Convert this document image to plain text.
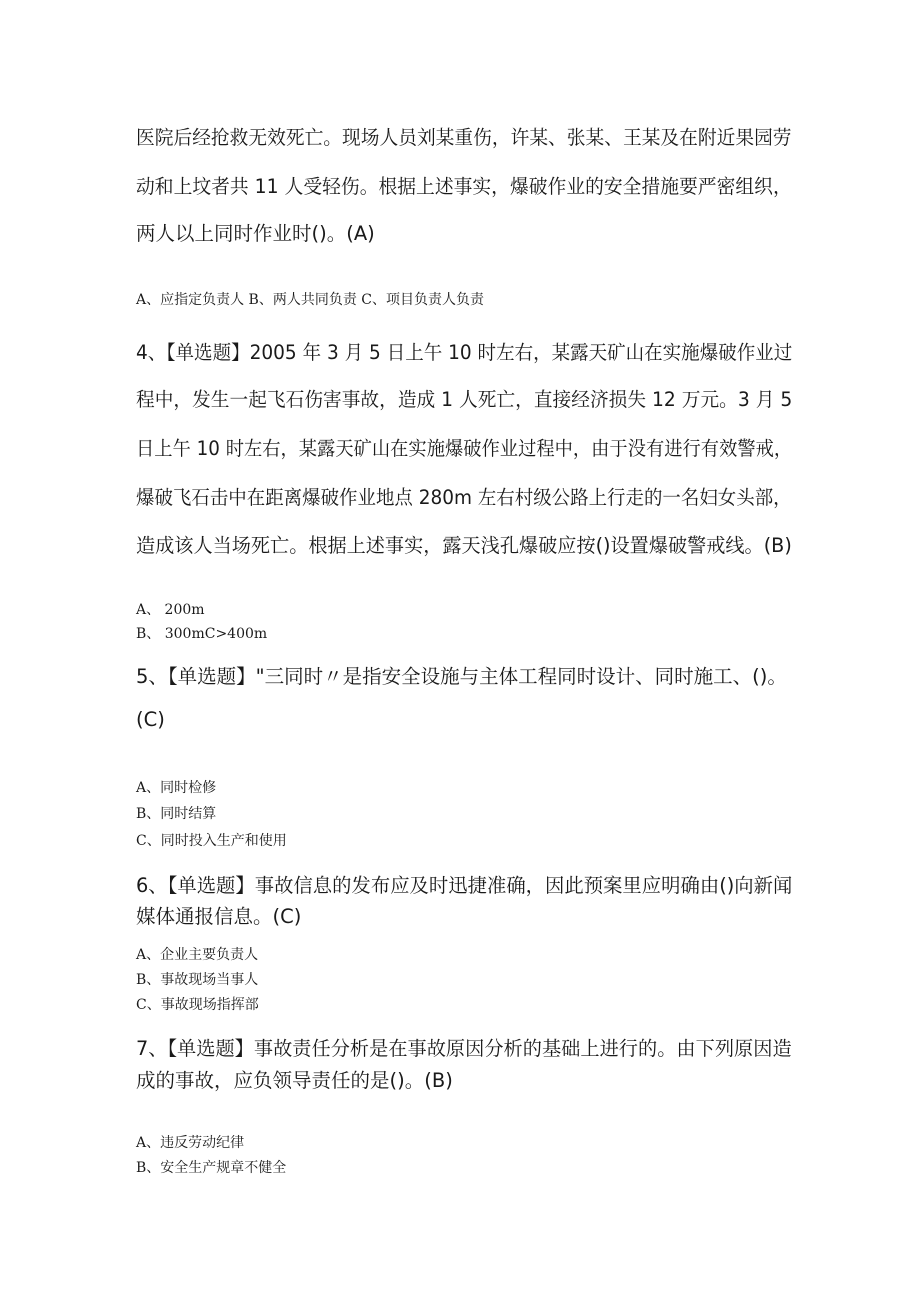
医院后经抢救无效死亡。现场人员刘某重伤，许某、张某、王某及在附近果园劳
动和上坟者共 11 人受轻伤。根据上述事实，爆破作业的安全措施要严密组织，
两人以上同时作业时()。(A)
A、应指定负责人 B、两人共同负责 C、项目负责人负责
4、【单选题】2005 年 3 月 5 日上午 10 时左右，某露天矿山在实施爆破作业过
程中，发生一起飞石伤害事故，造成 1 人死亡，直接经济损失 12 万元。3 月 5
日上午 10 时左右，某露天矿山在实施爆破作业过程中，由于没有进行有效警戒，
爆破飞石击中在距离爆破作业地点 280m 左右村级公路上行走的一名妇女头部，
造成该人当场死亡。根据上述事实，露天浅孔爆破应按()设置爆破警戒线。(B)
A、 200m
B、 300mC>400m
5、【单选题】"三同时〃是指安全设施与主体工程同时设计、同时施工、()。
(C)
A、同时检修
B、同时结算
C、同时投入生产和使用
6、【单选题】事故信息的发布应及时迅捷准确，因此预案里应明确由()向新闻
媒体通报信息。(C)
A、企业主要负责人
B、事故现场当事人
C、事故现场指挥部
7、【单选题】事故责任分析是在事故原因分析的基础上进行的。由下列原因造
成的事故，应负领导责任的是()。(B)
A、违反劳动纪律
B、安全生产规章不健全
